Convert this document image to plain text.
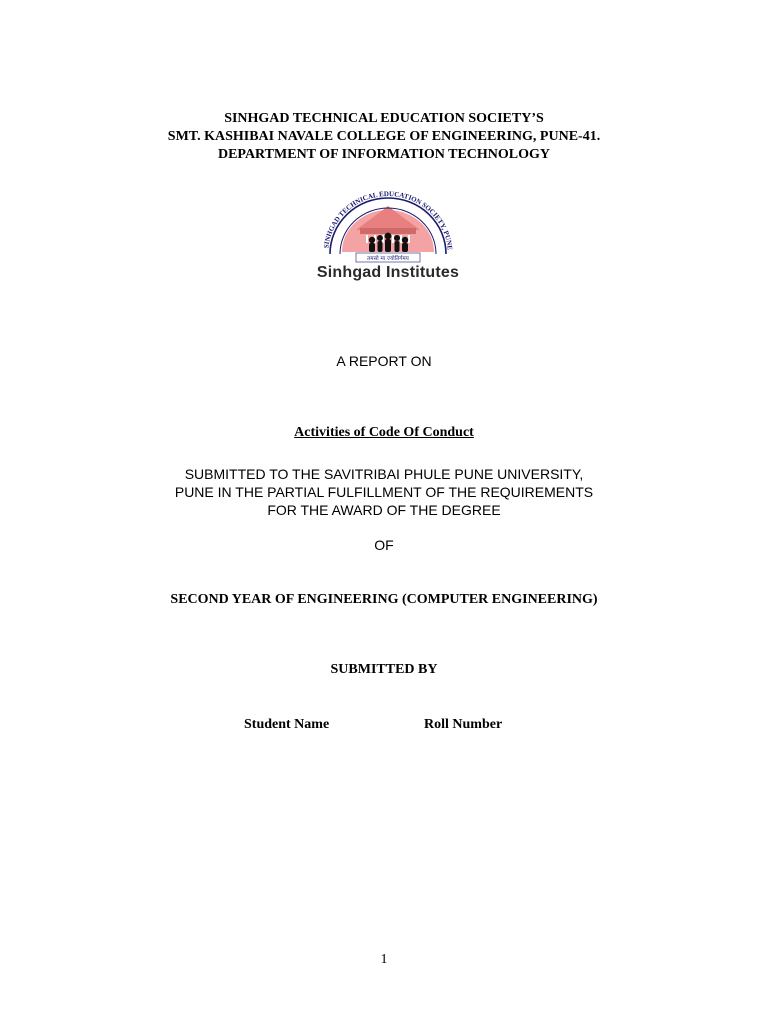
SINHGAD TECHNICAL EDUCATION SOCIETY’S
SMT. KASHIBAI NAVALE COLLEGE OF ENGINEERING, PUNE-41.
DEPARTMENT OF INFORMATION TECHNOLOGY
SINHGAD TECHNICAL EDUCATION SOCIETY, PUNE
तमसो मा ज्योतिर्गमय
Sinhgad Institutes
A REPORT ON
Activities of Code Of Conduct
SUBMITTED TO THE SAVITRIBAI PHULE PUNE UNIVERSITY,
PUNE IN THE PARTIAL FULFILLMENT OF THE REQUIREMENTS
FOR THE AWARD OF THE DEGREE
OF
SECOND YEAR OF ENGINEERING (COMPUTER ENGINEERING)
SUBMITTED BY
Student Name	Roll Number
1
